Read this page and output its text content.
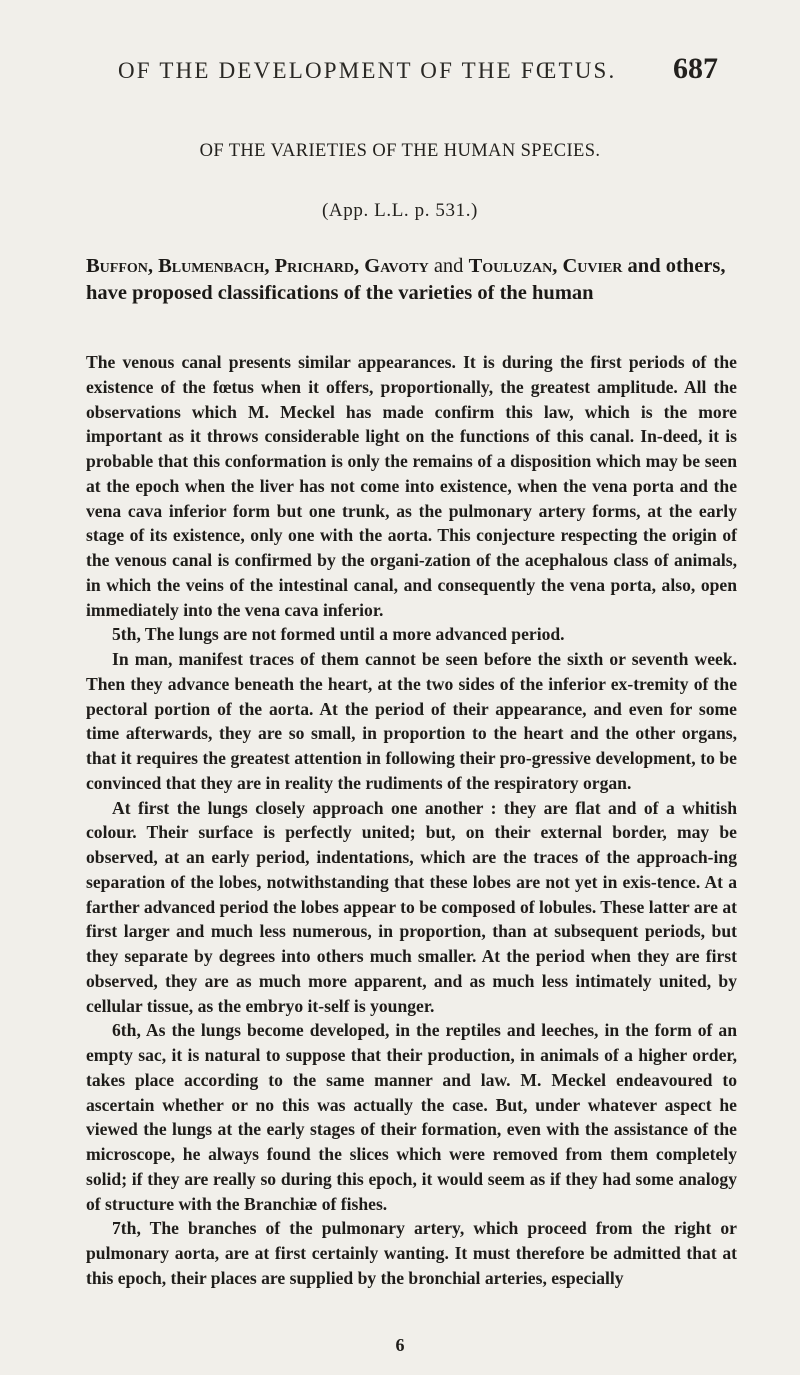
OF THE DEVELOPMENT OF THE FŒTUS. 687
OF THE VARIETIES OF THE HUMAN SPECIES.
(App. L.L. p. 531.)
Buffon, Blumenbach, Prichard, Gavoty and Touluzan, Cuvier and others, have proposed classifications of the varieties of the human

The venous canal presents similar appearances. It is during the first periods of the existence of the fœtus when it offers, proportionally, the greatest amplitude. All the observations which M. Meckel has made confirm this law, which is the more important as it throws considerable light on the functions of this canal. In-deed, it is probable that this conformation is only the remains of a disposition which may be seen at the epoch when the liver has not come into existence, when the vena porta and the vena cava inferior form but one trunk, as the pulmonary artery forms, at the early stage of its existence, only one with the aorta. This conjecture respecting the origin of the venous canal is confirmed by the organi-zation of the acephalous class of animals, in which the veins of the intestinal canal, and consequently the vena porta, also, open immediately into the vena cava inferior.

5th, The lungs are not formed until a more advanced period.

In man, manifest traces of them cannot be seen before the sixth or seventh week. Then they advance beneath the heart, at the two sides of the inferior ex-tremity of the pectoral portion of the aorta. At the period of their appearance, and even for some time afterwards, they are so small, in proportion to the heart and the other organs, that it requires the greatest attention in following their pro-gressive development, to be convinced that they are in reality the rudiments of the respiratory organ.

At first the lungs closely approach one another : they are flat and of a whitish colour. Their surface is perfectly united; but, on their external border, may be observed, at an early period, indentations, which are the traces of the approach-ing separation of the lobes, notwithstanding that these lobes are not yet in exis-tence. At a farther advanced period the lobes appear to be composed of lobules. These latter are at first larger and much less numerous, in proportion, than at subsequent periods, but they separate by degrees into others much smaller. At the period when they are first observed, they are as much more apparent, and as much less intimately united, by cellular tissue, as the embryo it-self is younger.

6th, As the lungs become developed, in the reptiles and leeches, in the form of an empty sac, it is natural to suppose that their production, in animals of a higher order, takes place according to the same manner and law. M. Meckel endeavoured to ascertain whether or no this was actually the case. But, under whatever aspect he viewed the lungs at the early stages of their formation, even with the assistance of the microscope, he always found the slices which were removed from them completely solid; if they are really so during this epoch, it would seem as if they had some analogy of structure with the Branchiæ of fishes.

7th, The branches of the pulmonary artery, which proceed from the right or pulmonary aorta, are at first certainly wanting. It must therefore be admitted that at this epoch, their places are supplied by the bronchial arteries, especially

6
